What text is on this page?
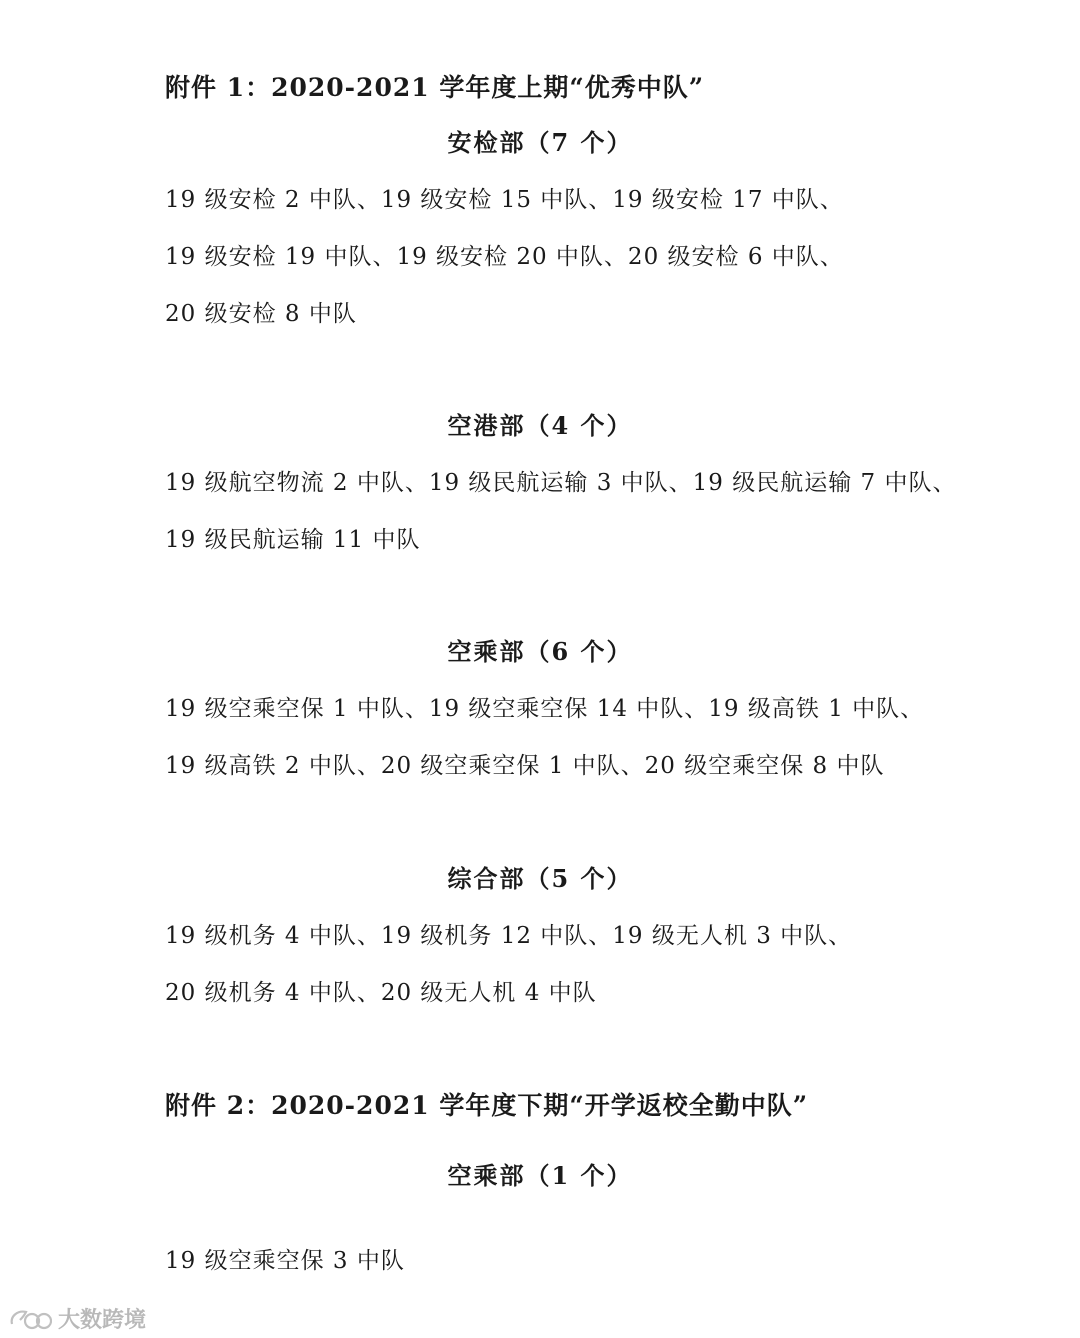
附件 1：2020-2021 学年度上期“优秀中队”
安检部（7 个）
19 级安检 2 中队、19 级安检 15 中队、19 级安检 17 中队、
19 级安检 19 中队、19 级安检 20 中队、20 级安检 6 中队、
20 级安检 8 中队
空港部（4 个）
19 级航空物流 2 中队、19 级民航运输 3 中队、19 级民航运输 7 中队、
19 级民航运输 11 中队
空乘部（6 个）
19 级空乘空保 1 中队、19 级空乘空保 14 中队、19 级高铁 1 中队、
19 级高铁 2 中队、20 级空乘空保 1 中队、20 级空乘空保 8 中队
综合部（5 个）
19 级机务 4 中队、19 级机务 12 中队、19 级无人机 3 中队、
20 级机务 4 中队、20 级无人机 4 中队
附件 2：2020-2021 学年度下期“开学返校全勤中队”
空乘部（1 个）
19 级空乘空保 3 中队
大数跨境
